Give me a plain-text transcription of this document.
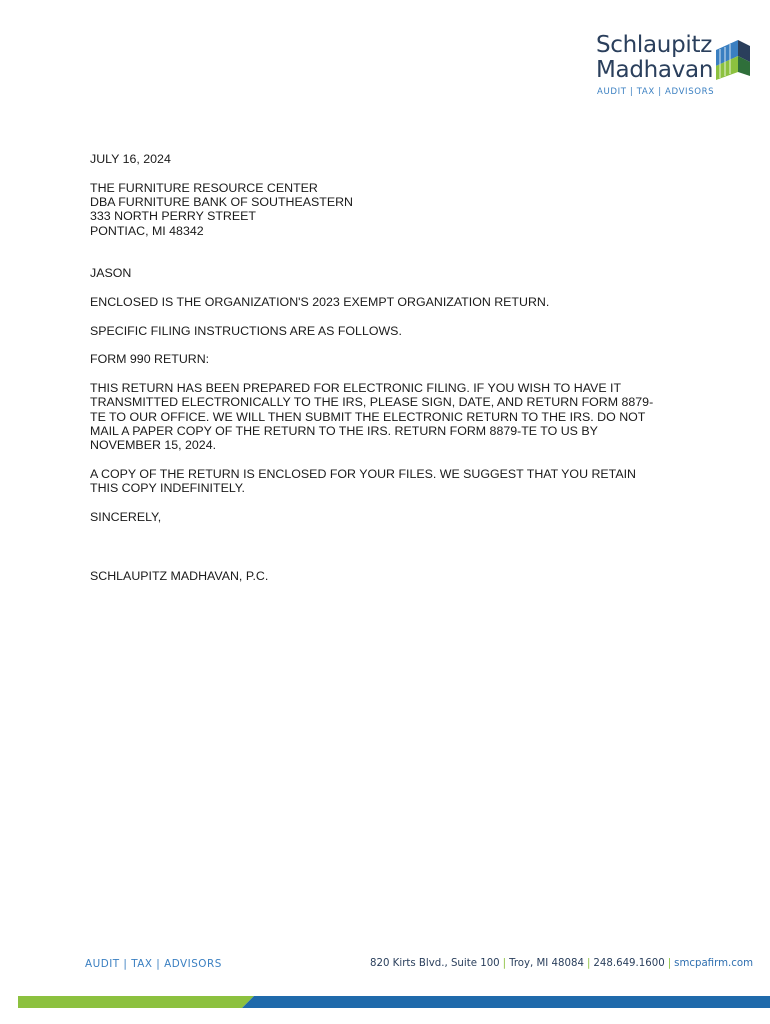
Schlaupitz
Madhavan
AUDIT | TAX | ADVISORS

JULY 16, 2024

THE FURNITURE RESOURCE CENTER

DBA FURNITURE BANK OF SOUTHEASTERN

333 NORTH PERRY STREET

PONTIAC, MI 48342

JASON

ENCLOSED IS THE ORGANIZATION'S 2023 EXEMPT ORGANIZATION RETURN.

SPECIFIC FILING INSTRUCTIONS ARE AS FOLLOWS.

FORM 990 RETURN:

THIS RETURN HAS BEEN PREPARED FOR ELECTRONIC FILING. IF YOU WISH TO HAVE IT
TRANSMITTED ELECTRONICALLY TO THE IRS, PLEASE SIGN, DATE, AND RETURN FORM 8879-
TE TO OUR OFFICE. WE WILL THEN SUBMIT THE ELECTRONIC RETURN TO THE IRS. DO NOT
MAIL A PAPER COPY OF THE RETURN TO THE IRS. RETURN FORM 8879-TE TO US BY
NOVEMBER 15, 2024.

A COPY OF THE RETURN IS ENCLOSED FOR YOUR FILES. WE SUGGEST THAT YOU RETAIN
THIS COPY INDEFINITELY.

SINCERELY,

SCHLAUPITZ MADHAVAN, P.C.

AUDIT | TAX | ADVISORS	820 Kirts Blvd., Suite 100 | Troy, MI 48084 | 248.649.1600 | smcpafirm.com
